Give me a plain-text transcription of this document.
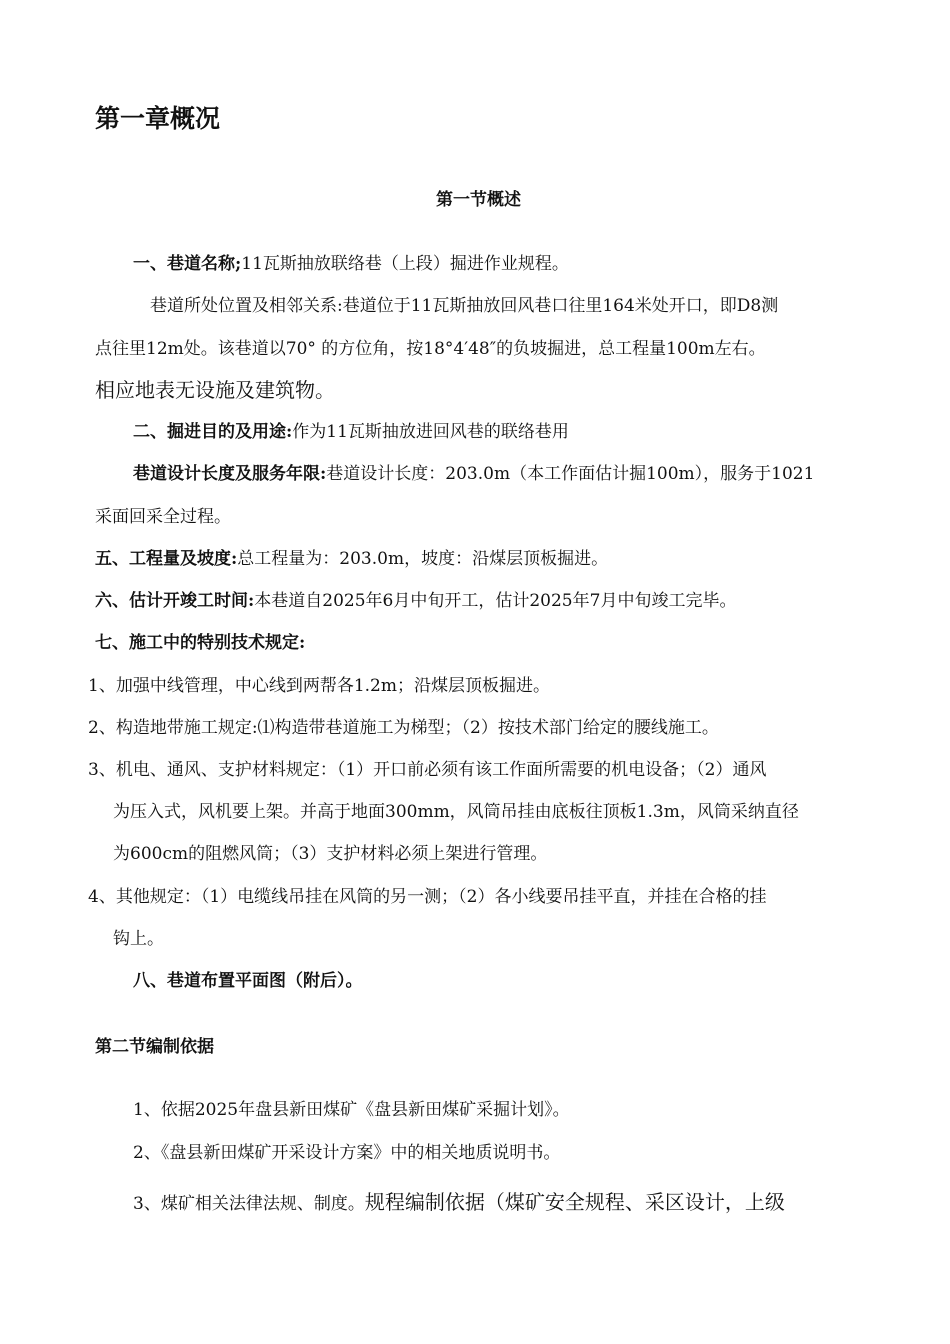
第一章概况
第一节概述
一、巷道名称;11瓦斯抽放联络巷（上段）掘进作业规程。
巷道所处位置及相邻关系:巷道位于11瓦斯抽放回风巷口往里164米处开口，即D8测
点往里12m处。该巷道以70° 的方位角，按18°4′48″的负坡掘进，总工程量100m左右。
相应地表无设施及建筑物。
二、掘进目的及用途:作为11瓦斯抽放进回风巷的联络巷用
巷道设计长度及服务年限:巷道设计长度：203.0m（本工作面估计掘100m），服务于1021
采面回采全过程。
五、工程量及坡度:总工程量为：203.0m，坡度：沿煤层顶板掘进。
六、估计开竣工时间:本巷道自2025年6月中旬开工，估计2025年7月中旬竣工完毕。
七、施工中的特别技术规定:
1、加强中线管理，中心线到两帮各1.2m；沿煤层顶板掘进。
2、构造地带施工规定:⑴构造带巷道施工为梯型；（2）按技术部门给定的腰线施工。
3、机电、通风、支护材料规定：（1）开口前必须有该工作面所需要的机电设备；（2）通风
为压入式，风机要上架。并高于地面300mm，风筒吊挂由底板往顶板1.3m，风筒采纳直径
为600cm的阻燃风筒；（3）支护材料必须上架进行管理。
4、其他规定：（1）电缆线吊挂在风筒的另一测；（2）各小线要吊挂平直，并挂在合格的挂
钩上。
八、巷道布置平面图（附后）。
第二节编制依据
1、依据2025年盘县新田煤矿《盘县新田煤矿采掘计划》。
2、《盘县新田煤矿开采设计方案》中的相关地质说明书。
3、煤矿相关法律法规、制度。规程编制依据（煤矿安全规程、采区设计，上级
